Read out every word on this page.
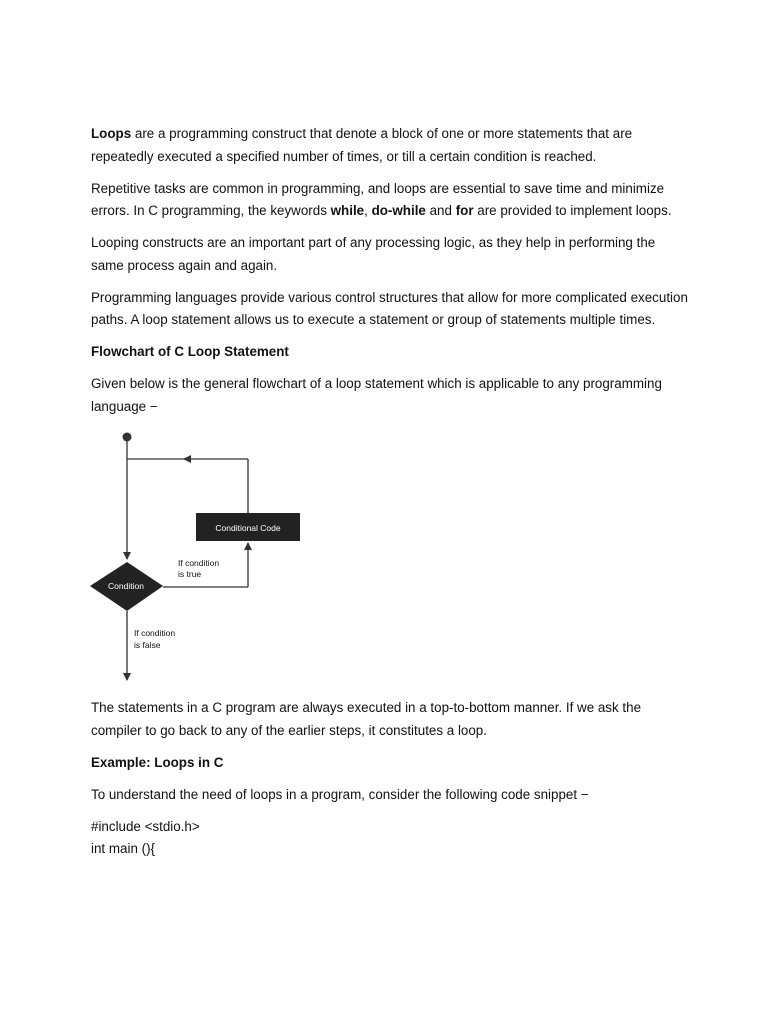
Loops are a programming construct that denote a block of one or more statements that are repeatedly executed a specified number of times, or till a certain condition is reached.

Repetitive tasks are common in programming, and loops are essential to save time and minimize errors. In C programming, the keywords while, do-while and for are provided to implement loops.

Looping constructs are an important part of any processing logic, as they help in performing the same process again and again.

Programming languages provide various control structures that allow for more complicated execution paths. A loop statement allows us to execute a statement or group of statements multiple times.

Flowchart of C Loop Statement

Given below is the general flowchart of a loop statement which is applicable to any programming language −

Conditional Code
Condition
If condition
is true
If condition
is false

The statements in a C program are always executed in a top-to-bottom manner. If we ask the compiler to go back to any of the earlier steps, it constitutes a loop.

Example: Loops in C

To understand the need of loops in a program, consider the following code snippet −

#include <stdio.h>
int main (){
